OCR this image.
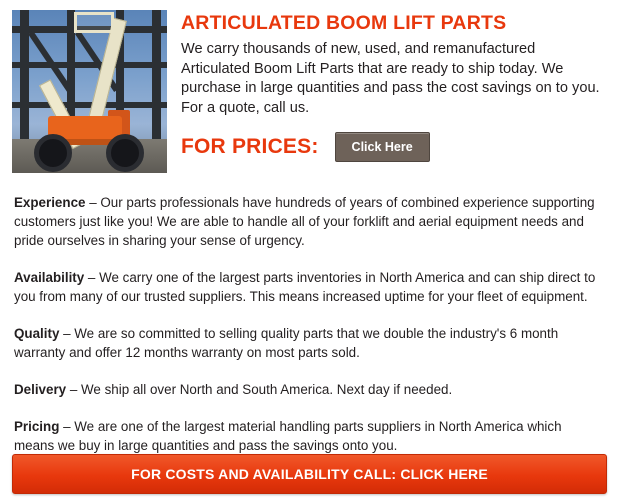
ARTICULATED BOOM LIFT PARTS

We carry thousands of new, used, and remanufactured Articulated Boom Lift Parts that are ready to ship today. We purchase in large quantities and pass the cost savings on to you. For a quote, call us.

FOR PRICES:	Click Here

Experience – Our parts professionals have hundreds of years of combined experience supporting customers just like you! We are able to handle all of your forklift and aerial equipment needs and pride ourselves in sharing your sense of urgency.

Availability – We carry one of the largest parts inventories in North America and can ship direct to you from many of our trusted suppliers. This means increased uptime for your fleet of equipment.

Quality – We are so committed to selling quality parts that we double the industry's 6 month warranty and offer 12 months warranty on most parts sold.

Delivery – We ship all over North and South America. Next day if needed.

Pricing – We are one of the largest material handling parts suppliers in North America which means we buy in large quantities and pass the savings onto you.

FOR COSTS AND AVAILABILITY CALL: CLICK HERE
